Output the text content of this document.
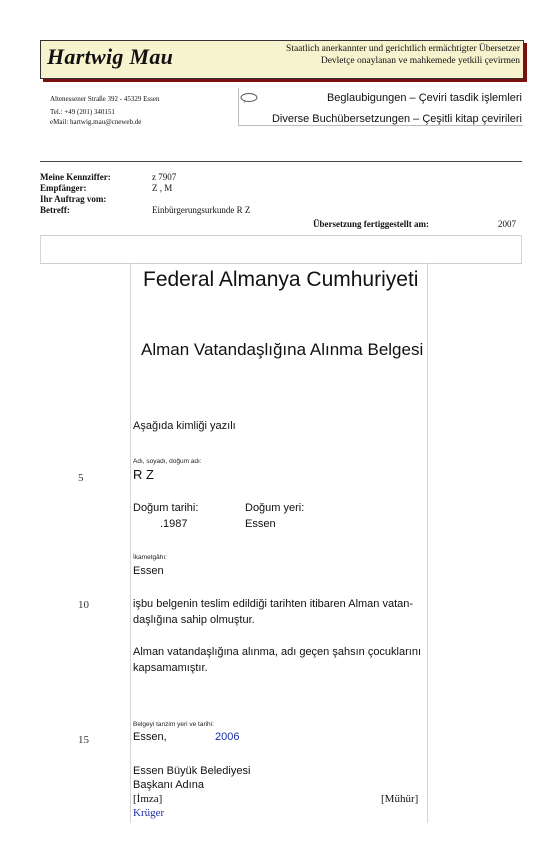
Hartwig Mau	Staatlich anerkannter und gerichtlich ermächtigter Übersetzer
Devletçe onaylanan ve mahkemede yetkili çevirmen
Altenessener Straße 392 - 45329 Essen
Tel.: +49 (201) 340151
eMail: hartwig.mau@cneweb.de
Beglaubigungen – Çeviri tasdik işlemleri
Diverse Buchübersetzungen – Çeşitli kitap çevirileri
Meine Kennziffer:	z 7907
Empfänger:	Z , M
Ihr Auftrag vom:
Betreff:	Einbürgerungsurkunde R Z
Übersetzung fertiggestellt am:	2007
Federal Almanya Cumhuriyeti
Alman Vatandaşlığına Alınma Belgesi
Aşağıda kimliği yazılı
Adı, soyadı, doğum adı:
R Z
5
Doğum tarihi:
.1987
Doğum yeri:
Essen
İkametgâhı:
Essen
10	işbu belgenin teslim edildiği tarihten itibaren Alman vatan-
daşlığına sahip olmuştur.
Alman vatandaşlığına alınma, adı geçen şahsın çocuklarını
kapsamamıştır.
Belgeyi tanzim yeri ve tarihi:
15	Essen,	2006
Essen Büyük Belediyesi
Başkanı Adına
[İmza]	[Mühür]
Krüger
